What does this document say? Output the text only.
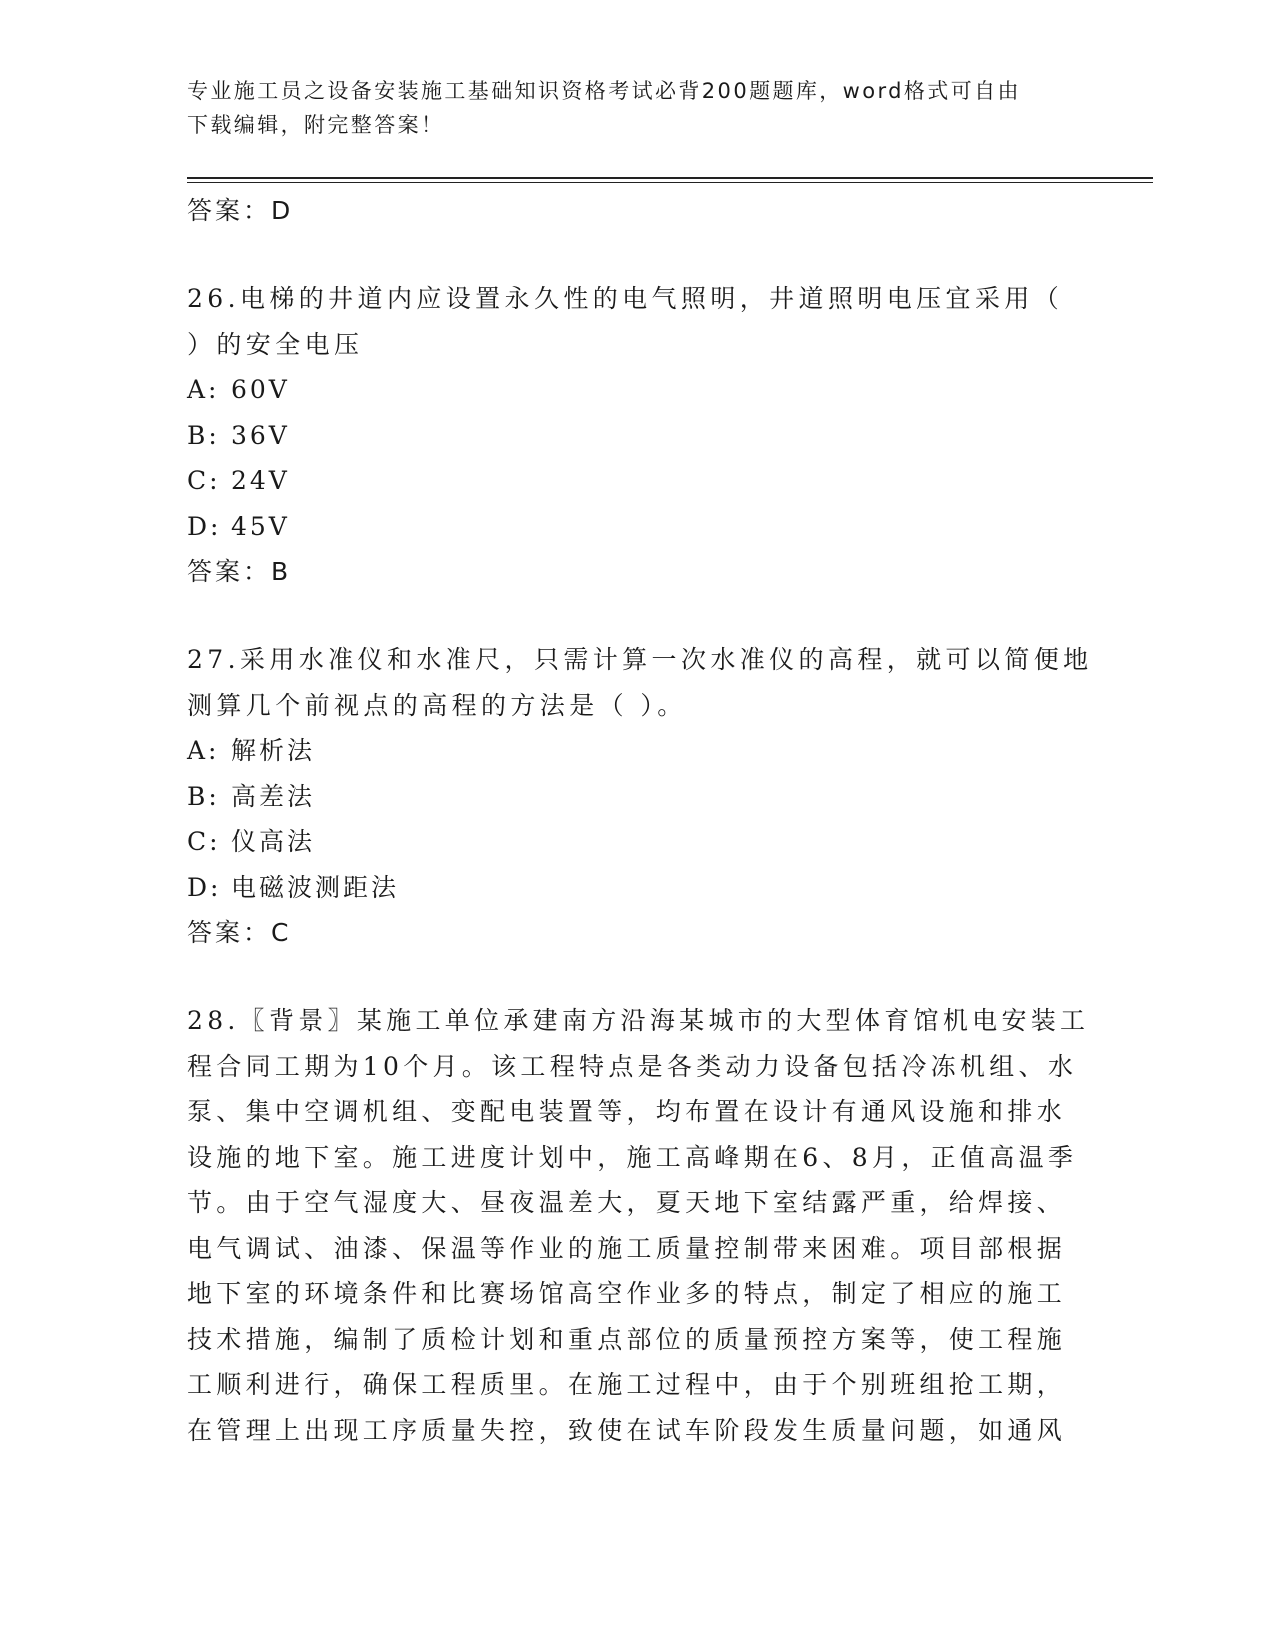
专业施工员之设备安装施工基础知识资格考试必背200题题库，word格式可自由
下载编辑，附完整答案！
答案：D
26.电梯的井道内应设置永久性的电气照明，井道照明电压宜采用（
）的安全电压
A: 60V
B: 36V
C: 24V
D: 45V
答案：B
27.采用水准仪和水准尺，只需计算一次水准仪的高程，就可以简便地
测算几个前视点的高程的方法是（ ）。
A: 解析法
B: 高差法
C: 仪高法
D: 电磁波测距法
答案：C
28.〖背景〗某施工单位承建南方沿海某城市的大型体育馆机电安装工
程合同工期为10个月。该工程特点是各类动力设备包括冷冻机组、水
泵、集中空调机组、变配电装置等，均布置在设计有通风设施和排水
设施的地下室。施工进度计划中，施工高峰期在6、8月，正值高温季
节。由于空气湿度大、昼夜温差大，夏天地下室结露严重，给焊接、
电气调试、油漆、保温等作业的施工质量控制带来困难。项目部根据
地下室的环境条件和比赛场馆高空作业多的特点，制定了相应的施工
技术措施，编制了质检计划和重点部位的质量预控方案等，使工程施
工顺利进行，确保工程质里。在施工过程中，由于个别班组抢工期，
在管理上出现工序质量失控，致使在试车阶段发生质量问题，如通风
